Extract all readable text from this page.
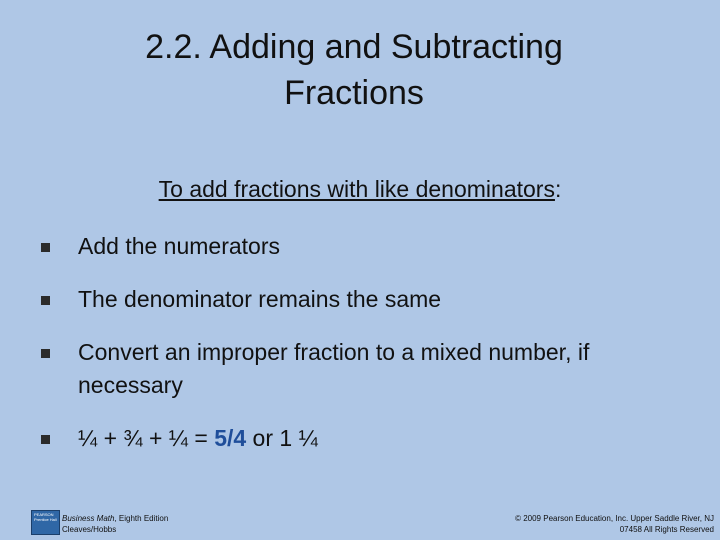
2.2. Adding and Subtracting
Fractions
To add fractions with like denominators:
Add the numerators
The denominator remains the same
Convert an improper fraction to a mixed number, if necessary
¼ + ¾ + ¼ = 5/4 or 1 ¼
PEARSON Prentice Hall Business Math, Eighth Edition
Cleaves/Hobbs
© 2009 Pearson Education, Inc. Upper Saddle River, NJ
07458 All Rights Reserved
